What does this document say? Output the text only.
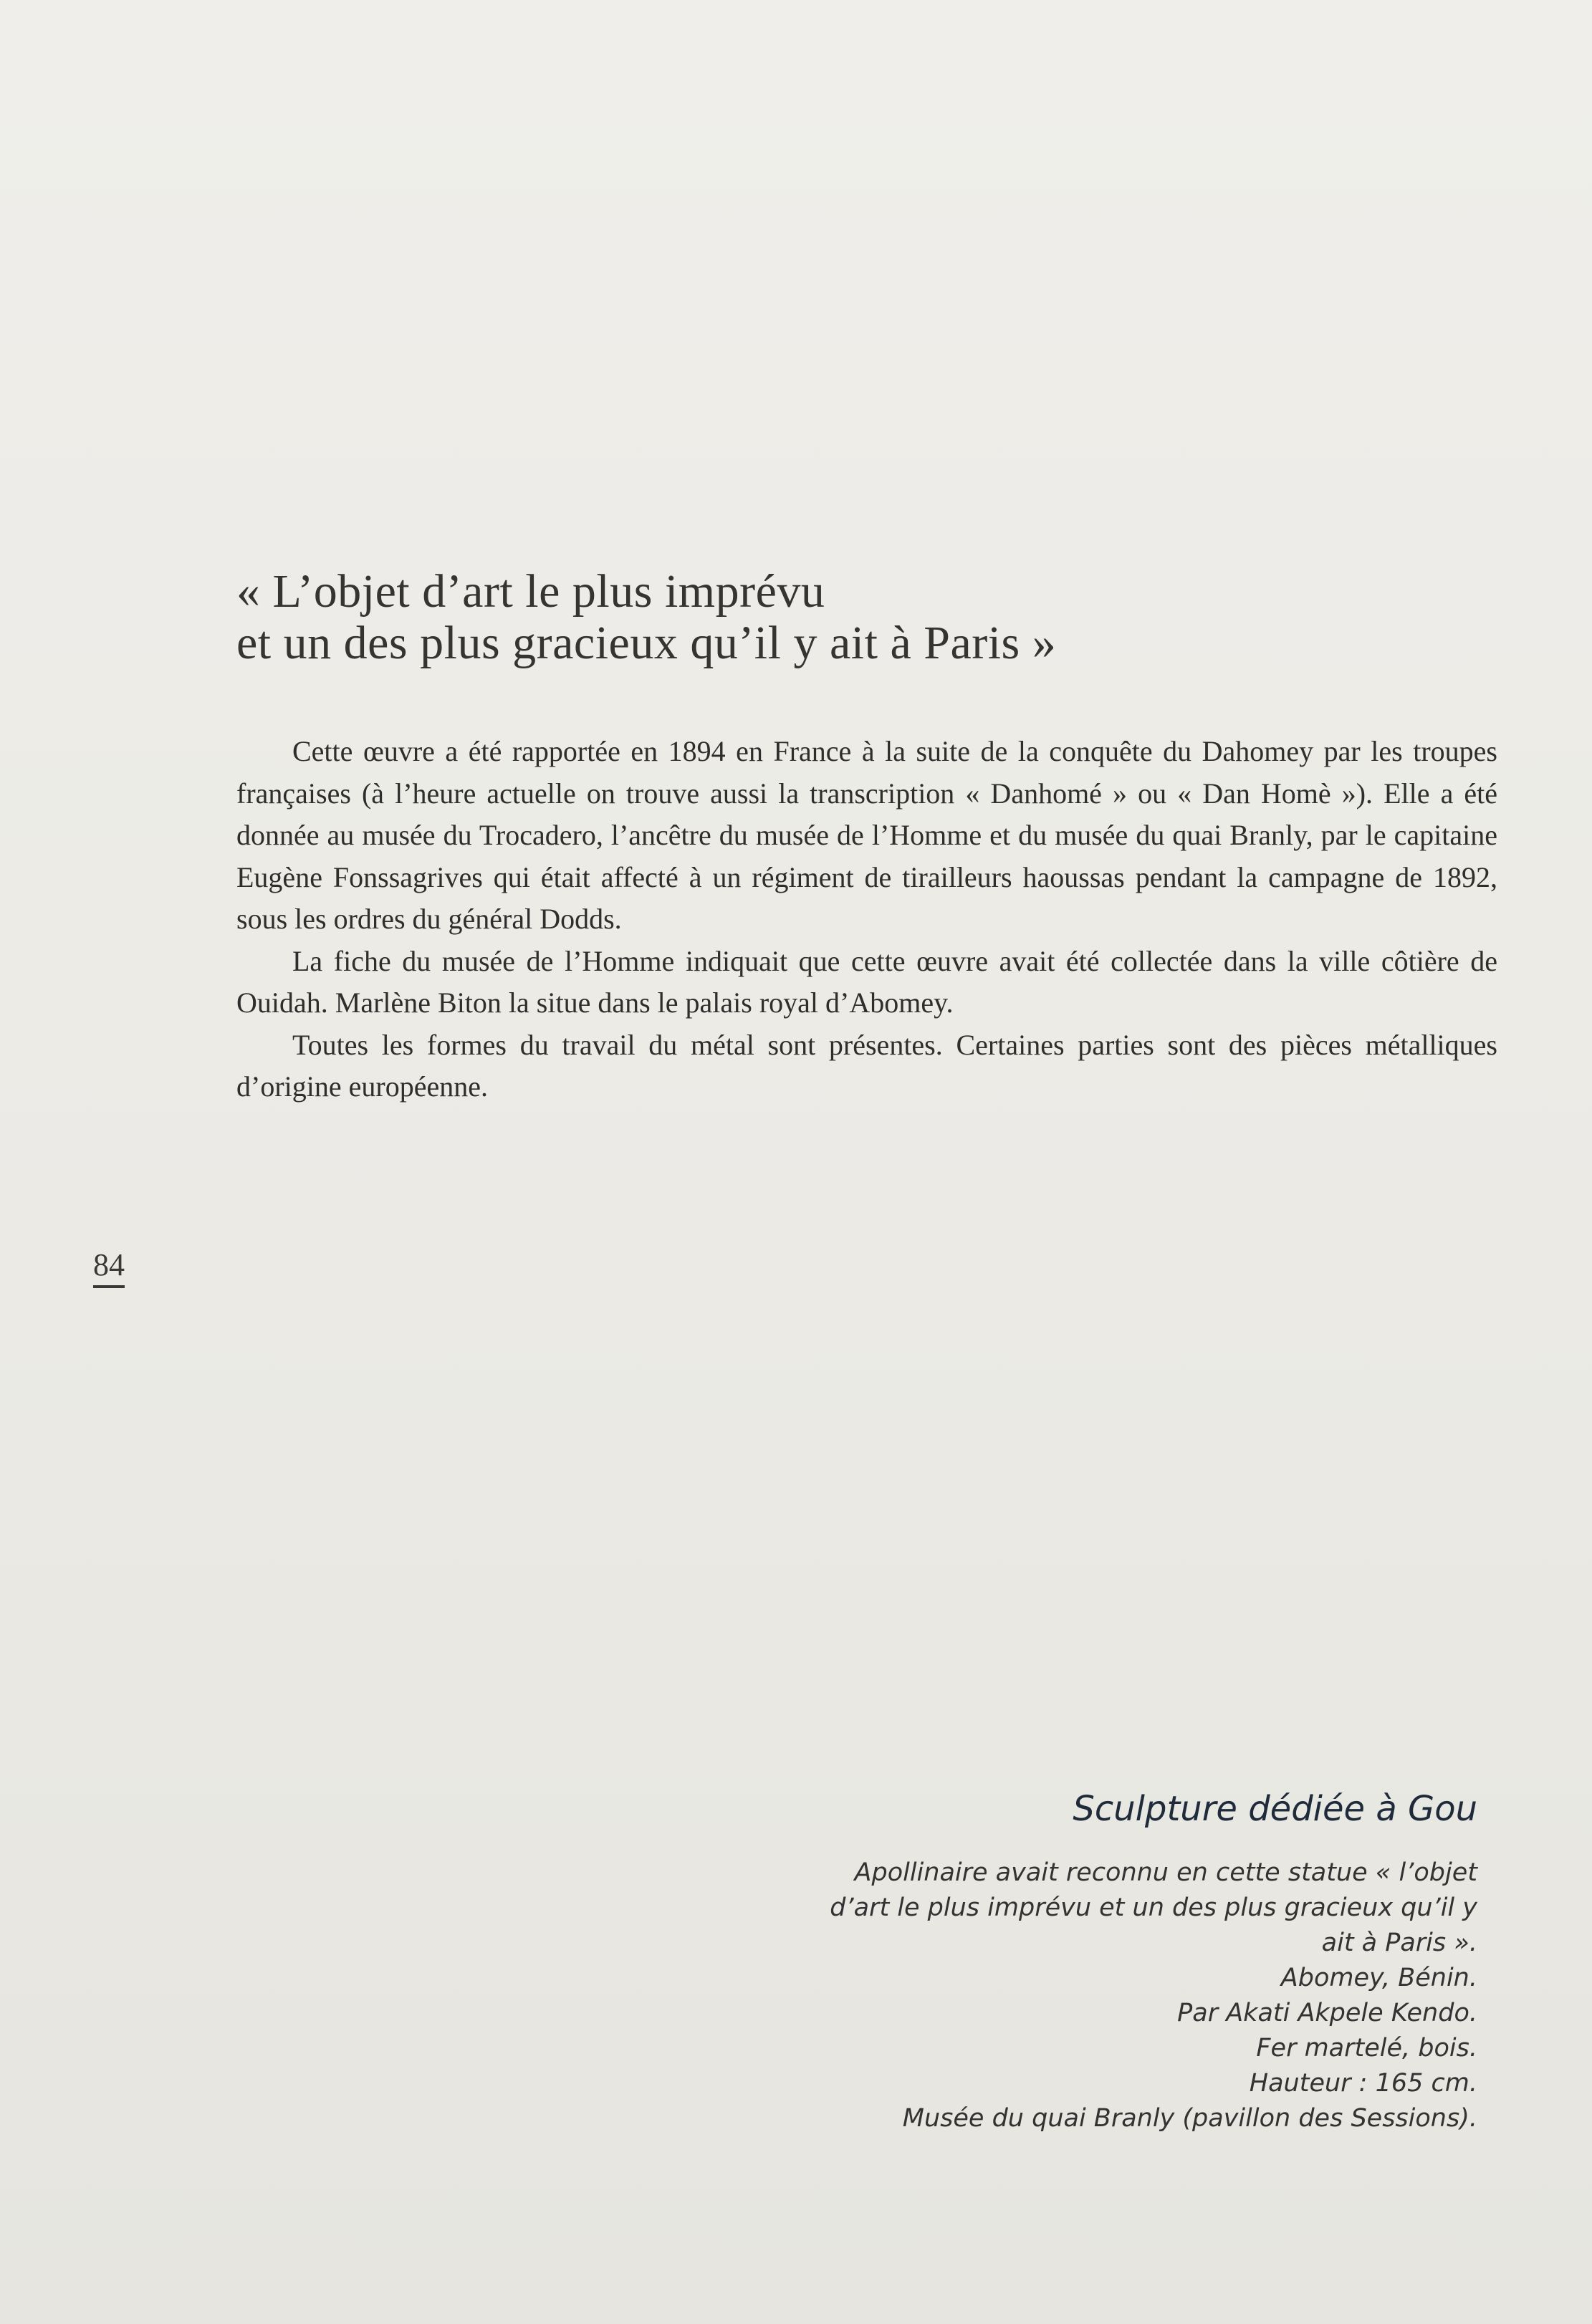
« L’objet d’art le plus imprévu
et un des plus gracieux qu’il y ait à Paris »

Cette œuvre a été rapportée en 1894 en France à la suite de la conquête du Dahomey par les troupes françaises (à l’heure actuelle on trouve aussi la transcription « Danhomé » ou « Dan Homè »). Elle a été donnée au musée du Trocadero, l’ancêtre du musée de l’Homme et du musée du quai Branly, par le capitaine Eugène Fonssagrives qui était affecté à un régiment de tirailleurs haoussas pendant la campagne de 1892, sous les ordres du général Dodds.

La fiche du musée de l’Homme indiquait que cette œuvre avait été collectée dans la ville côtière de Ouidah. Marlène Biton la situe dans le palais royal d’Abomey.

Toutes les formes du travail du métal sont présentes. Certaines parties sont des pièces métalliques d’origine européenne.

84
Sculpture dédiée à Gou
Apollinaire avait reconnu en cette statue « l’objet
d’art le plus imprévu et un des plus gracieux qu’il y
ait à Paris ».
Abomey, Bénin.
Par Akati Akpele Kendo.
Fer martelé, bois.
Hauteur : 165 cm.
Musée du quai Branly (pavillon des Sessions).
